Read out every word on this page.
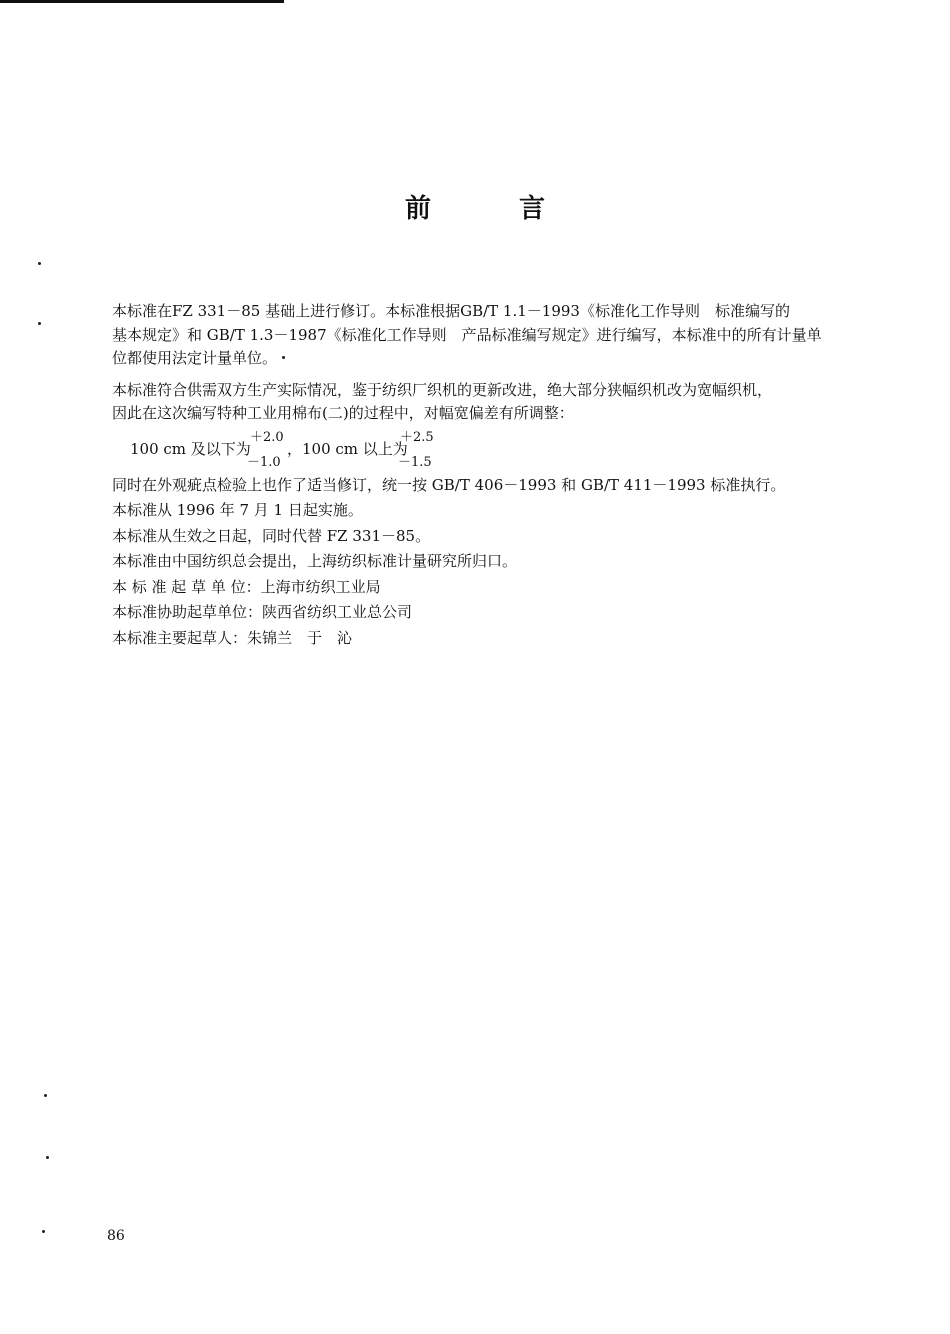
前	言
本标准在FZ 331－85 基础上进行修订。本标准根据GB/T 1.1－1993《标准化工作导则　标准编写的
基本规定》和 GB/T 1.3－1987《标准化工作导则　产品标准编写规定》进行编写，本标准中的所有计量单
位都使用法定计量单位。
本标准符合供需双方生产实际情况，鉴于纺织厂织机的更新改进，绝大部分狭幅织机改为宽幅织机，
因此在这次编写特种工业用棉布(二)的过程中，对幅宽偏差有所调整：
100 cm 及以下为
＋2.0
－1.0
，100 cm 以上为
＋2.5
－1.5
同时在外观疵点检验上也作了适当修订，统一按 GB/T 406－1993 和 GB/T 411－1993 标准执行。
本标准从 1996 年 7 月 1 日起实施。
本标准从生效之日起，同时代替 FZ 331－85。
本标准由中国纺织总会提出，上海纺织标准计量研究所归口。
本 标 准 起 草 单 位：上海市纺织工业局
本标准协助起草单位：陕西省纺织工业总公司
本标准主要起草人：朱锦兰　于　沁
86
